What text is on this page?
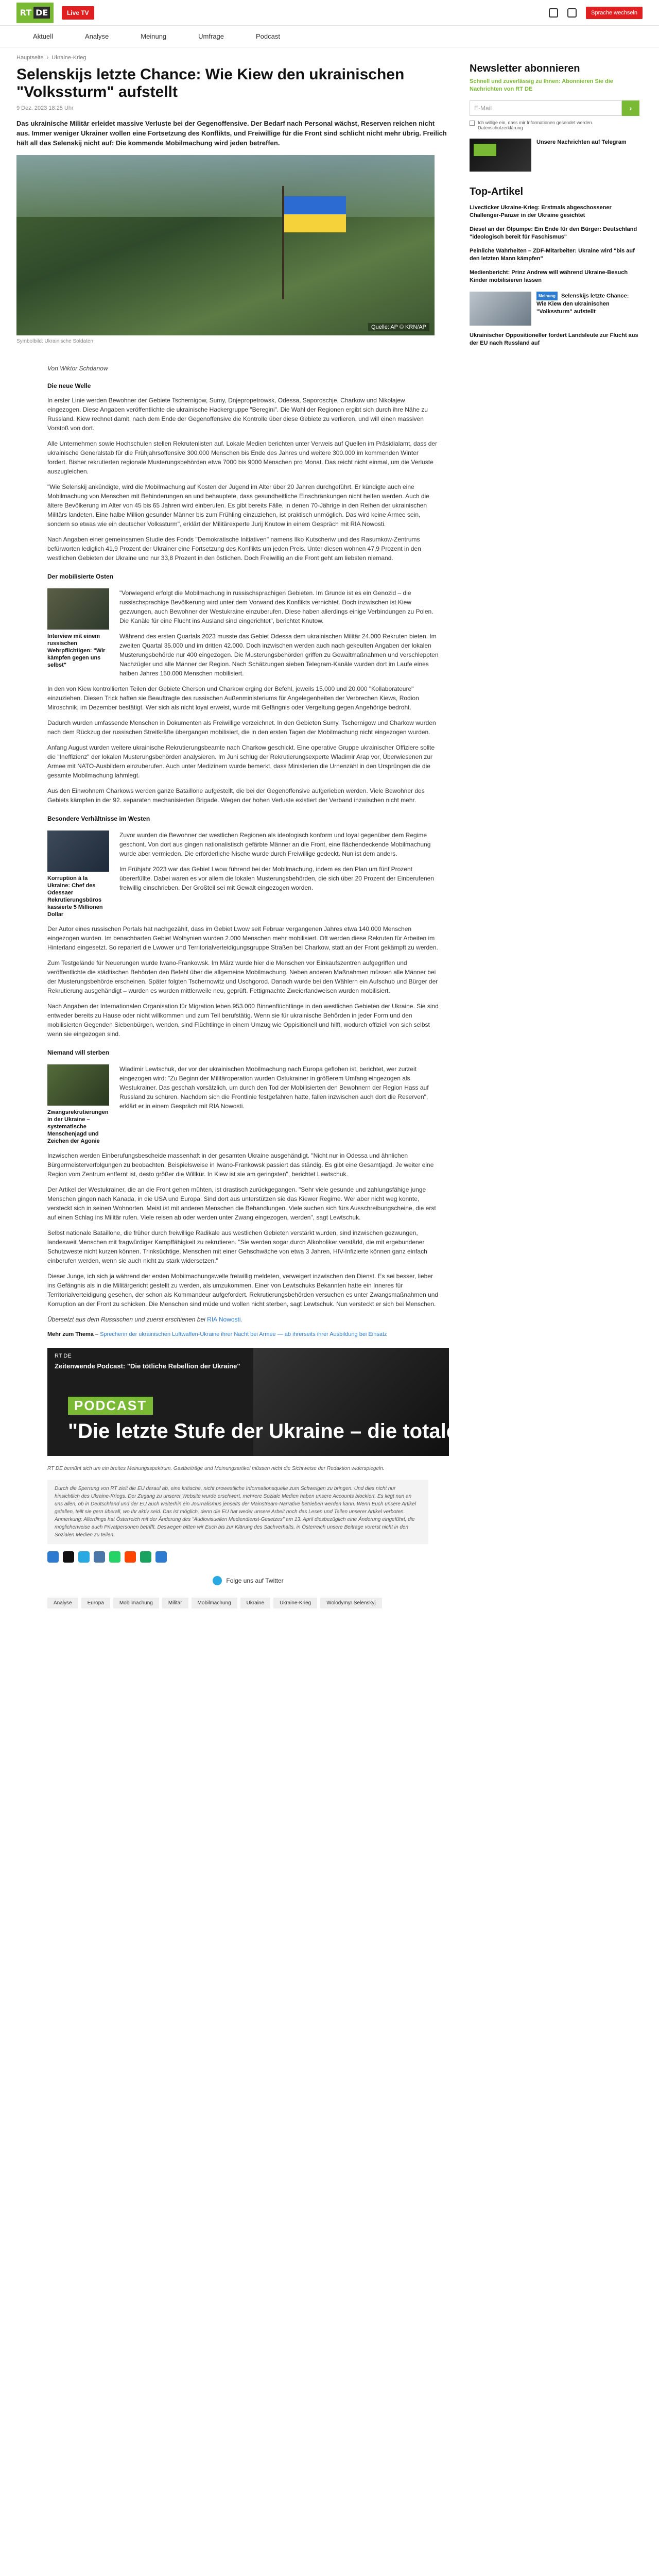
RT DE	Live TV	Sprache wechseln
Aktuell	Analyse	Meinung	Umfrage	Podcast
Hauptseite› Ukraine-Krieg
Selenskijs letzte Chance: Wie Kiew den ukrainischen "Volkssturm" aufstellt
9 Dez. 2023 18:25 Uhr
Das ukrainische Militär erleidet massive Verluste bei der Gegenoffensive. Der Bedarf nach Personal wächst, Reserven reichen nicht aus. Immer weniger Ukrainer wollen eine Fortsetzung des Konflikts, und Freiwillige für die Front sind schlicht nicht mehr übrig. Freilich hält all das Selenskij nicht auf: Die kommende Mobilmachung wird jeden betreffen.
Quelle: AP © KRN/AP
Symbolbild: Ukrainische Soldaten
Von Wiktor Schdanow
Die neue Welle

In erster Linie werden Bewohner der Gebiete Tschernigow, Sumy, Dnjepropetrowsk, Odessa, Saporoschje, Charkow und Nikolajew eingezogen. Diese Angaben veröffentlichte die ukrainische Hackergruppe "Beregini". Die Wahl der Regionen ergibt sich durch ihre Nähe zu Russland. Kiew rechnet damit, nach dem Ende der Gegenoffensive die Kontrolle über diese Gebiete zu verlieren, und will einen massiven Vorstoß von dort.

Alle Unternehmen sowie Hochschulen stellen Rekrutenlisten auf. Lokale Medien berichten unter Verweis auf Quellen im Präsidialamt, dass der ukrainische Generalstab für die Frühjahrsoffensive 300.000 Menschen bis Ende des Jahres und weitere 300.000 im kommenden Winter fordert. Bisher rekrutierten regionale Musterungsbehörden etwa 7000 bis 9000 Menschen pro Monat. Das reicht nicht einmal, um die Verluste auszugleichen.

"Wie Selenskij ankündigte, wird die Mobilmachung auf Kosten der Jugend im Alter über 20 Jahren durchgeführt. Er kündigte auch eine Mobilmachung von Menschen mit Behinderungen an und behauptete, dass gesundheitliche Einschränkungen nicht helfen werden. Auch die ältere Bevölkerung im Alter von 45 bis 65 Jahren wird einberufen. Es gibt bereits Fälle, in denen 70-Jährige in den Reihen der ukrainischen Militärs landeten. Eine halbe Million gesunder Männer bis zum Frühling einzuziehen, ist praktisch unmöglich. Das wird keine Armee sein, sondern so etwas wie ein deutscher Volkssturm", erklärt der Militärexperte Jurij Knutow in einem Gespräch mit RIA Nowosti.

Nach Angaben einer gemeinsamen Studie des Fonds "Demokratische Initiativen" namens Ilko Kutscheriw und des Rasumkow-Zentrums befürworten lediglich 41,9 Prozent der Ukrainer eine Fortsetzung des Konflikts um jeden Preis. Unter diesen wohnen 47,9 Prozent in den westlichen Gebieten der Ukraine und nur 33,8 Prozent in den östlichen. Doch Freiwillig an die Front geht am liebsten niemand.

Der mobilisierte Osten
Interview mit einem russischen Wehrpflichtigen: "Wir kämpfen gegen uns selbst"

"Vorwiegend erfolgt die Mobilmachung in russischsprachigen Gebieten. Im Grunde ist es ein Genozid – die russischsprachige Bevölkerung wird unter dem Vorwand des Konflikts vernichtet. Doch inzwischen ist Kiew gezwungen, auch Bewohner der Westukraine einzuberufen. Diese haben allerdings einige Verbindungen zu Polen. Die Kanäle für eine Flucht ins Ausland sind eingerichtet", berichtet Knutow.

Während des ersten Quartals 2023 musste das Gebiet Odessa dem ukrainischen Militär 24.000 Rekruten bieten. Im zweiten Quartal 35.000 und im dritten 42.000. Doch inzwischen werden auch nach gekeulten Angaben der lokalen Musterungsbehörde nur 400 eingezogen. Die Musterungsbehörden griffen zu Gewaltmaßnahmen und verschleppten Nachzügler und alle Männer der Region. Nach Schätzungen sieben Telegram-Kanäle wurden dort im Laufe eines halben Jahres 150.000 Menschen mobilisiert.

In den von Kiew kontrollierten Teilen der Gebiete Cherson und Charkow erging der Befehl, jeweils 15.000 und 20.000 "Kollaborateure" einzuziehen. Diesen Trick haften sie Beauftragte des russischen Außenministeriums für Angelegenheiten der Verbrechen Kiews, Rodion Miroschnik, im Dezember bestätigt. Wer sich als nicht loyal erweist, wurde mit Gefängnis oder Vergeltung gegen Angehörige bedroht.

Dadurch wurden umfassende Menschen in Dokumenten als Freiwillige verzeichnet. In den Gebieten Sumy, Tschernigow und Charkow wurden nach dem Rückzug der russischen Streitkräfte übergangen mobilisiert, die in den ersten Tagen der Mobilmachung nicht eingezogen wurden.

Anfang August wurden weitere ukrainische Rekrutierungsbeamte nach Charkow geschickt. Eine operative Gruppe ukrainischer Offiziere sollte die "Ineffizienz" der lokalen Musterungsbehörden analysieren. Im Juni schlug der Rekrutierungsexperte Wladimir Arap vor, Überwiesenen zur Armee mit NATO-Ausbildern einzuberufen. Auch unter Medizinern wurde bemerkt, dass Ministerien die Urnenzähl in den Ursprüngen die die gesamte Mobilmachung lahmlegt.

Aus den Einwohnern Charkows werden ganze Bataillone aufgestellt, die bei der Gegenoffensive aufgerieben werden. Viele Bewohner des Gebiets kämpfen in der 92. separaten mechanisierten Brigade. Wegen der hohen Verluste existiert der Verband inzwischen nicht mehr.

Besondere Verhältnisse im Westen
Korruption à la Ukraine: Chef des Odessaer Rekrutierungsbüros kassierte 5 Millionen Dollar

Zuvor wurden die Bewohner der westlichen Regionen als ideologisch konform und loyal gegenüber dem Regime geschont. Von dort aus gingen nationalistisch gefärbte Männer an die Front, eine flächendeckende Mobilmachung wurde aber vermieden. Die erforderliche Nische wurde durch Freiwillige gedeckt. Nun ist dem anders.

Im Frühjahr 2023 war das Gebiet Lwow führend bei der Mobilmachung, indem es den Plan um fünf Prozent übererfüllte. Dabei waren es vor allem die lokalen Musterungsbehörden, die sich über 20 Prozent der Einberufenen freiwillig einschrieben. Der Großteil sei mit Gewalt eingezogen worden.

Der Autor eines russischen Portals hat nachgezählt, dass im Gebiet Lwow seit Februar vergangenen Jahres etwa 140.000 Menschen eingezogen wurden. Im benachbarten Gebiet Wolhynien wurden 2.000 Menschen mehr mobilisiert. Oft werden diese Rekruten für Arbeiten im Hinterland eingesetzt. So repariert die Lwower und Territorialverteidigungsgruppe Straßen bei Charkow, statt an der Front gekämpft zu werden.

Zum Testgelände für Neuerungen wurde Iwano-Frankowsk. Im März wurde hier die Menschen vor Einkaufszentren aufgegriffen und veröffentlichte die städtischen Behörden den Befehl über die allgemeine Mobilmachung. Neben anderen Maßnahmen müssen alle Männer bei der Musterungsbehörde erscheinen. Später folgten Tschernowitz und Uschgorod. Danach wurde bei den Wählern ein Aufschub und Bürger der Rekrutierung ausgehändigt – wurden es wurden mittlerweile neu, geprüft. Fettigmachte Zweierfandweisen wurden mobilisiert.

Nach Angaben der Internationalen Organisation für Migration leben 953.000 Binnenflüchtlinge in den westlichen Gebieten der Ukraine. Sie sind entweder bereits zu Hause oder nicht willkommen und zum Teil berufstätig. Wenn sie für ukrainische Behörden in jeder Form und den mobilisierten Gegenden Siebenbürgen, wenden, sind Flüchtlinge in einem Umzug wie Oppisitionell und hilft, wodurch offiziell von sich selbst wenn sie eingezogen sind.

Niemand will sterben
Zwangsrekrutierungen in der Ukraine – systematische Menschenjagd und Zeichen der Agonie

Wladimir Lewtschuk, der vor der ukrainischen Mobilmachung nach Europa geflohen ist, berichtet, wer zurzeit eingezogen wird: "Zu Beginn der Militäroperation wurden Ostukrainer in größerem Umfang eingezogen als Westukrainer. Das geschah vorsätzlich, um durch den Tod der Mobilisierten den Bewohnern der Region Hass auf Russland zu schüren. Nachdem sich die Frontlinie festgefahren hatte, fallen inzwischen auch dort die Reserven", erklärt er in einem Gespräch mit RIA Nowosti.

Inzwischen werden Einberufungsbescheide massenhaft in der gesamten Ukraine ausgehändigt. "Nicht nur in Odessa und ähnlichen Bürgermeisterverfolgungen zu beobachten. Beispielsweise in Iwano-Frankowsk passiert das ständig. Es gibt eine Gesamtjagd. Je weiter eine Region vom Zentrum entfernt ist, desto größer die Willkür. In Kiew ist sie am geringsten", berichtet Lewtschuk.

Der Artikel der Westukrainer, die an die Front gehen mühten, ist drastisch zurückgegangen. "Sehr viele gesunde und zahlungsfähige junge Menschen gingen nach Kanada, in die USA und Europa. Sind dort aus unterstützen sie das Kiewer Regime. Wer aber nicht weg konnte, versteckt sich in seinen Wohnorten. Meist ist mit anderen Menschen die Behandlungen. Viele suchen sich fürs Ausschreibungscheine, die erst auf einen Schlag ins Militär rufen. Viele reisen ab oder werden unter Zwang eingezogen, werden", sagt Lewtschuk.

Selbst nationale Bataillone, die früher durch freiwillige Radikale aus westlichen Gebieten verstärkt wurden, sind inzwischen gezwungen, landesweit Menschen mit fragwürdiger Kampffähigkeit zu rekrutieren. "Sie werden sogar durch Alkoholiker verstärkt, die mit ergebundener Schutzweste nicht kurzen können. Trinksüchtige, Menschen mit einer Gehschwäche von etwa 3 Jahren, HIV-Infizierte können ganz einfach einberufen werden, wenn sie auch nicht zu stark widersetzen."

Dieser Junge, ich sich ja während der ersten Mobilmachungswelle freiwillig meldeten, verweigert inzwischen den Dienst. Es sei besser, lieber ins Gefängnis als in die Militärgericht gestellt zu werden, als umzukommen. Einer von Lewtschuks Bekannten hatte ein Inneres für Territorialverteidigung gesehen, der schon als Kommandeur aufgefordert. Rekrutierungsbehörden versuchen es unter Zwangsmaßnahmen und Korruption an der Front zu schicken. Die Menschen sind müde und wollen nicht sterben, sagt Lewtschuk. Nun versteckt er sich bei Menschen.

Übersetzt aus dem Russischen und zuerst erschienen bei RIA Nowosti.

Mehr zum Thema – Sprecherin der ukrainischen Luftwaffen-Ukraine ihrer Nacht bei Armee — ab ihrerseits ihrer Ausbildung bei Einsatz
RT DE
Zeitenwende Podcast: "Die tötliche Rebellion der Ukraine"
PODCAST
"Die letzte Stufe der Ukraine – die totale Mobilmachung"
RT DE bemüht sich um ein breites Meinungsspektrum. Gastbeiträge und Meinungsartikel müssen nicht die Sichtweise der Redaktion widerspiegeln.
Durch die Sperrung von RT zielt die EU darauf ab, eine kritische, nicht prowestliche Informationsquelle zum Schweigen zu bringen. Und dies nicht nur hinsichtlich des Ukraine-Kriegs. Der Zugang zu unserer Website wurde erschwert, mehrere Soziale Medien haben unsere Accounts blockiert. Es liegt nun an uns allen, ob in Deutschland und der EU auch weiterhin ein Journalismus jenseits der Mainstream-Narrative betrieben werden kann. Wenn Euch unsere Artikel gefallen, teilt sie gern überall, wo Ihr aktiv seid. Das ist möglich, denn die EU hat weder unsere Arbeit noch das Lesen und Teilen unserer Artikel verboten. Anmerkung: Allerdings hat Österreich mit der Änderung des "Audiovisuellen Mediendienst-Gesetzes" am 13. April diesbezüglich eine Änderung eingeführt, die möglicherweise auch Privatpersonen betrifft. Deswegen bitten wir Euch bis zur Klärung des Sachverhalts, in Österreich unsere Beiträge vorerst nicht in den Sozialen Medien zu teilen.
Folge uns auf Twitter
Analyse	Europa	Mobilmachung	Militär	Mobilmachung	Ukraine	Ukraine-Krieg	Wolodymyr Selenskyj
Newsletter abonnieren
Schnell und zuverlässig zu Ihnen: Abonnieren Sie die Nachrichten von RT DE
E-Mail	›
Ich willige ein, dass mir Informationen gesendet werden. Datenschutzerklärung
Unsere Nachrichten auf Telegram
Top-Artikel
Livecticker Ukraine-Krieg: Erstmals abgeschossener Challenger-Panzer in der Ukraine gesichtet
Diesel an der Ölpumpe: Ein Ende für den Bürger: Deutschland "ideologisch bereit für Faschismus"
Peinliche Wahrheiten – ZDF-Mitarbeiter: Ukraine wird "bis auf den letzten Mann kämpfen"
Medienbericht: Prinz Andrew will während Ukraine-Besuch Kinder mobilisieren lassen
Meinung Selenskijs letzte Chance: Wie Kiew den ukrainischen "Volkssturm" aufstellt
Ukrainischer Oppositioneller fordert Landsleute zur Flucht aus der EU nach Russland auf
